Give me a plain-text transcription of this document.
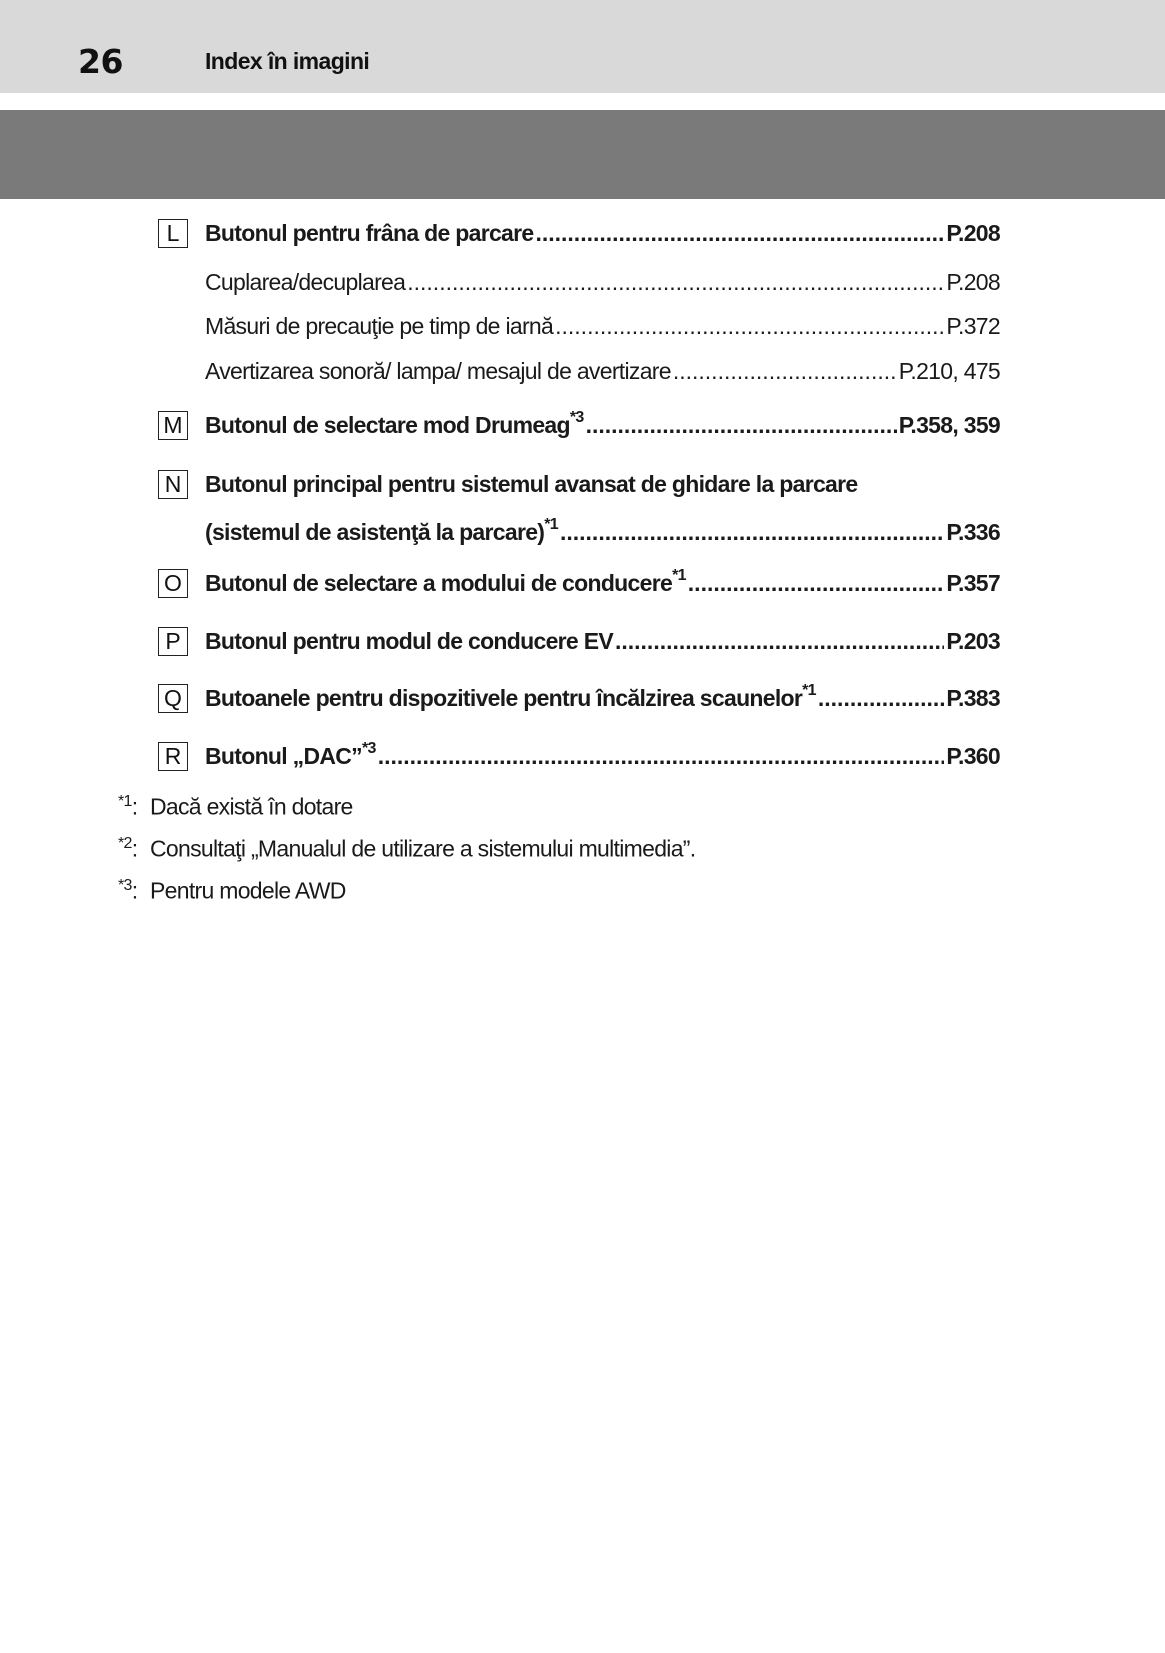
26	Index în imagini
L	Butonul pentru frâna de parcare .....	P.208
Cuplarea/decuplarea .....	P.208
Măsuri de precauţie pe timp de iarnă .....	P.372
Avertizarea sonoră/ lampa/ mesajul de avertizare .....	P.210, 475
M Butonul de selectare mod Drumeag$^{*3}$ .....	P.358, 359
N Butonul principal pentru sistemul avansat de ghidare la parcare
(sistemul de asistenţă la parcare)$^{*1}$ .....	P.336
O Butonul de selectare a modului de conducere$^{*1}$ .....	P.357
P	Butonul pentru modul de conducere EV .....	P.203
Q Butoanele pentru dispozitivele pentru încălzirea scaunelor$^{*1}$ .....	P.383
R Butonul „DAC”$^{*3}$ .....	P.360
$^{*1}$: Dacă există în dotare
$^{*2}$: Consultaţi „Manualul de utilizare a sistemului multimedia”.
$^{*3}$: Pentru modele AWD
